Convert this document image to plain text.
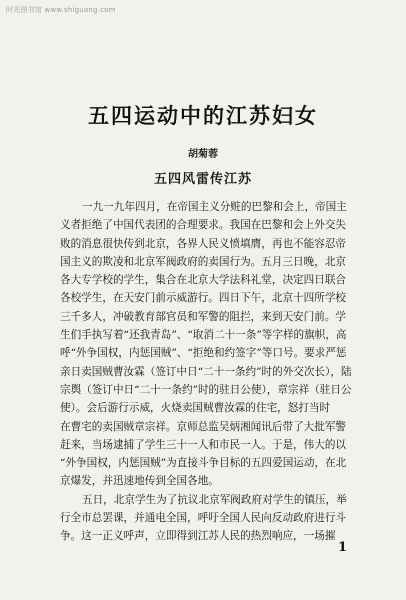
时光图书馆 www.shiguang.com
五四运动中的江苏妇女
胡菊蓉
五四风雷传江苏
一九一九年四月，在帝国主义分赃的巴黎和会上，帝国主
义者拒绝了中国代表团的合理要求。我国在巴黎和会上外交失
败的消息很快传到北京，各界人民义愤填膺，再也不能容忍帝
国主义的欺凌和北京军阀政府的卖国行为。五月三日晚，北京
各大专学校的学生，集合在北京大学法科礼堂，决定四日联合
各校学生，在天安门前示威游行。四日下午，北京十四所学校
三千多人，冲破教育部官员和军警的阻拦，来到天安门前。学
生们手执写着“还我青岛”、“取消二十一条”等字样的旗帜，高
呼“外争国权，内惩国贼”、“拒绝和约签字”等口号。要求严惩
亲日卖国贼曹汝霖（签订中日“二十一条约”时的外交次长），陆
宗舆（签订中日“二十一条约”时的驻日公使），章宗祥（驻日公
使）。会后游行示威，火烧卖国贼曹汝霖的住宅，怒打当时
在曹宅的卖国贼章宗祥。京师总监吴炳湘闻讯后带了大批军警
赶来，当场逮捕了学生三十一人和市民一人。于是，伟大的以
“外争国权，内惩国贼”为直接斗争目标的五四爱国运动，在北
京爆发，并迅速地传到全国各地。
五日，北京学生为了抗议北京军阀政府对学生的镇压，举
行全市总罢课，并通电全国，呼吁全国人民向反动政府进行斗
争。这一正义呼声，立即得到江苏人民的热烈响应，一场摧
1
